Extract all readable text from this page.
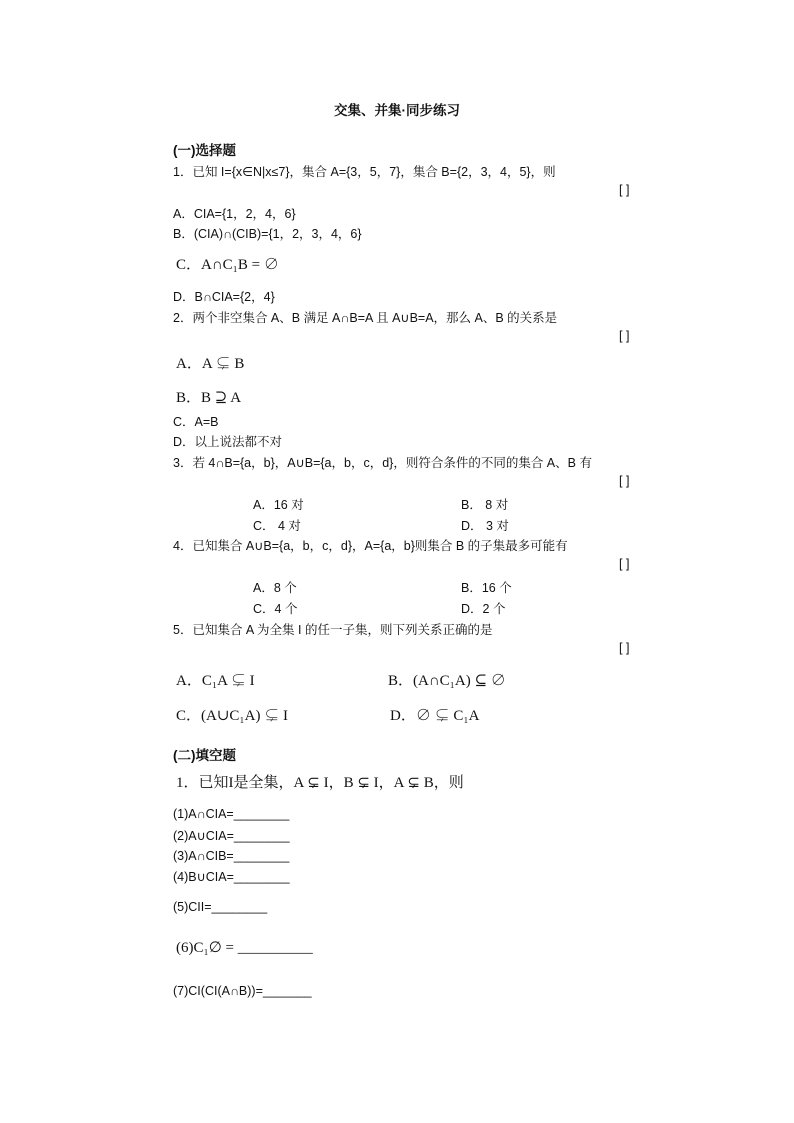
交集、并集·同步练习
(一)选择题
1．已知 I={x∈N|x≤7}，集合 A={3，5，7}，集合 B={2，3，4，5}，则
[ ]
A．CIA={1，2，4，6}
B．(CIA)∩(CIB)={1，2，3，4，6}
C．A∩C₁B = ∅
D．B∩CIA={2，4}
2．两个非空集合 A、B 满足 A∩B=A 且 A∪B=A，那么 A、B 的关系是
[ ]
A．A ⊊ B
B．B ⊇ A
C．A=B
D．以上说法都不对
3．若 4∩B={a，b}，A∪B={a，b，c，d}，则符合条件的不同的集合 A、B 有
[ ]
A．16 对	B． 8 对
C． 4 对	D． 3 对
4．已知集合 A∪B={a，b，c，d}，A={a，b}则集合 B 的子集最多可能有
[ ]
A．8 个	B．16 个
C．4 个	D．2 个
5．已知集合 A 为全集 I 的任一子集，则下列关系正确的是
[ ]
A．C₁A ⊊ I	B．(A∩C₁A) ⊆ ∅
C．(A∪C₁A) ⊊ I	D．∅ ⊊ C₁A
(二)填空题
1．已知I是全集，A ⊊ I，B ⊊ I，A ⊊ B，则
(1)A∩CIA=________
(2)A∪CIA=________
(3)A∩CIB=________
(4)B∪CIA=________
(5)CII=________
(6)C₁∅ = __________
(7)CI(CI(A∩B))=_______
